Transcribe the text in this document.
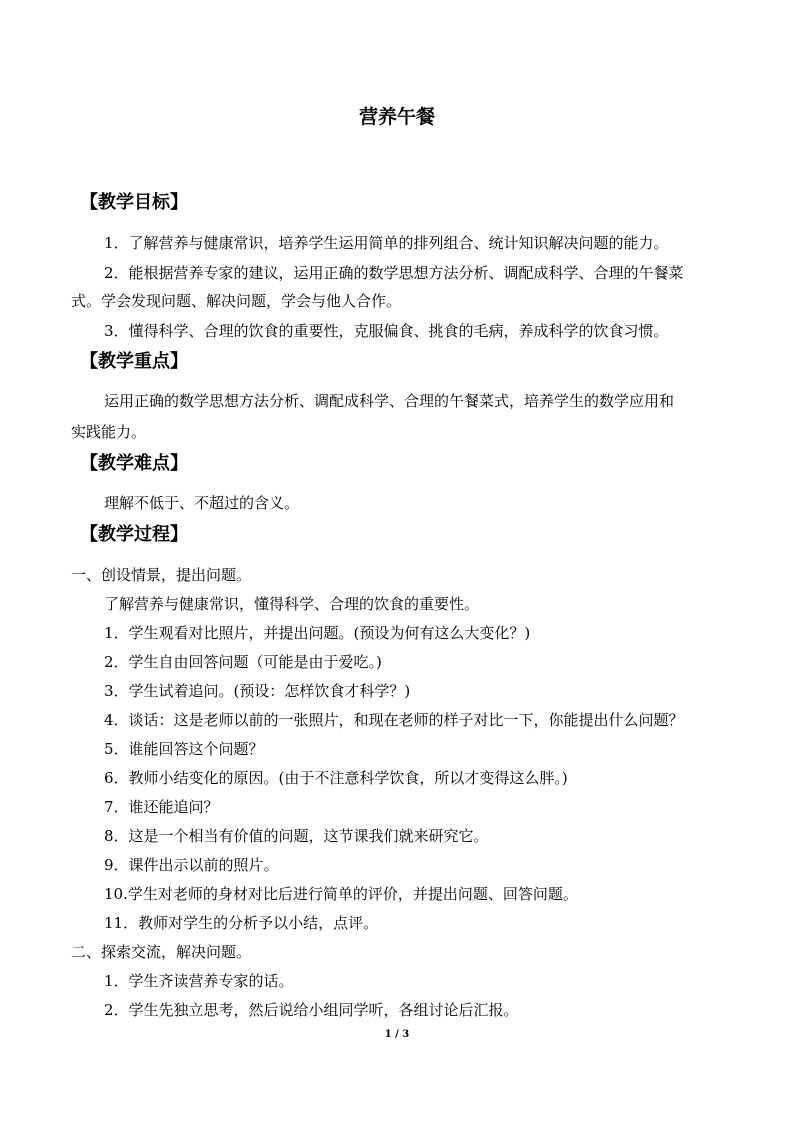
营养午餐
【教学目标】
1．了解营养与健康常识，培养学生运用简单的排列组合、统计知识解决问题的能力。
2．能根据营养专家的建议，运用正确的数学思想方法分析、调配成科学、合理的午餐菜
式。学会发现问题、解决问题，学会与他人合作。
3．懂得科学、合理的饮食的重要性，克服偏食、挑食的毛病，养成科学的饮食习惯。
【教学重点】
运用正确的数学思想方法分析、调配成科学、合理的午餐菜式，培养学生的数学应用和
实践能力。
【教学难点】
理解不低于、不超过的含义。
【教学过程】
一、创设情景，提出问题。
了解营养与健康常识，懂得科学、合理的饮食的重要性。
1．学生观看对比照片，并提出问题。(预设为何有这么大变化？)
2．学生自由回答问题（可能是由于爱吃。)
3．学生试着追问。(预设：怎样饮食才科学？)
4．谈话：这是老师以前的一张照片，和现在老师的样子对比一下，你能提出什么问题？
5．谁能回答这个问题？
6．教师小结变化的原因。(由于不注意科学饮食，所以才变得这么胖。)
7．谁还能追问？
8．这是一个相当有价值的问题，这节课我们就来研究它。
9．课件出示以前的照片。
10.学生对老师的身材对比后进行简单的评价，并提出问题、回答问题。
11．教师对学生的分析予以小结，点评。
二、探索交流，解决问题。
1．学生齐读营养专家的话。
2．学生先独立思考，然后说给小组同学听，各组讨论后汇报。
1 / 3
